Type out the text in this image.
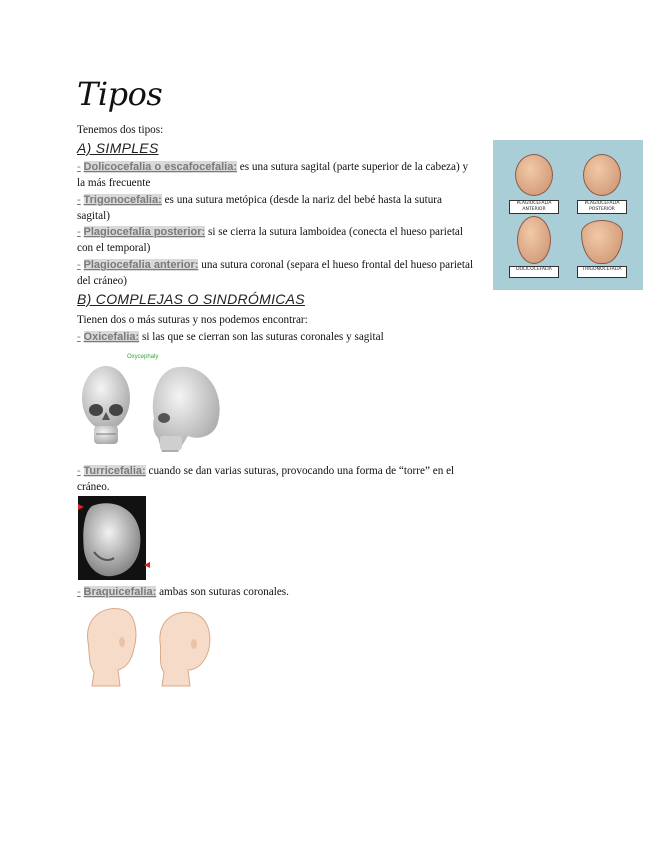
Tipos

Tenemos dos tipos:

A) SIMPLES

- Dolicocefalia o escafocefalia: es una sutura sagital (parte superior de la cabeza) y la más frecuente

- Trigonocefalia: es una sutura metópica (desde la nariz del bebé hasta la sutura sagital)

- Plagiocefalia posterior: si se cierra la sutura lamboidea (conecta el hueso parietal con el temporal)

- Plagiocefalia anterior: una sutura coronal (separa el hueso frontal del hueso parietal del cráneo)

B) COMPLEJAS O SINDRÓMICAS

Tienen dos o más suturas y nos podemos encontrar:

- Oxicefalia: si las que se cierran son las suturas coronales y sagital

Oxycephaly

- Turricefalia: cuando se dan varias suturas, provocando una forma de “torre” en el cráneo.

- Braquicefalia: ambas son suturas coronales.

PLAGIOCEFALIA ANTERIOR
PLAGIOCEFALIA POSTERIOR
DOLICOCEFALIA	TRIGONOCEFALIA
